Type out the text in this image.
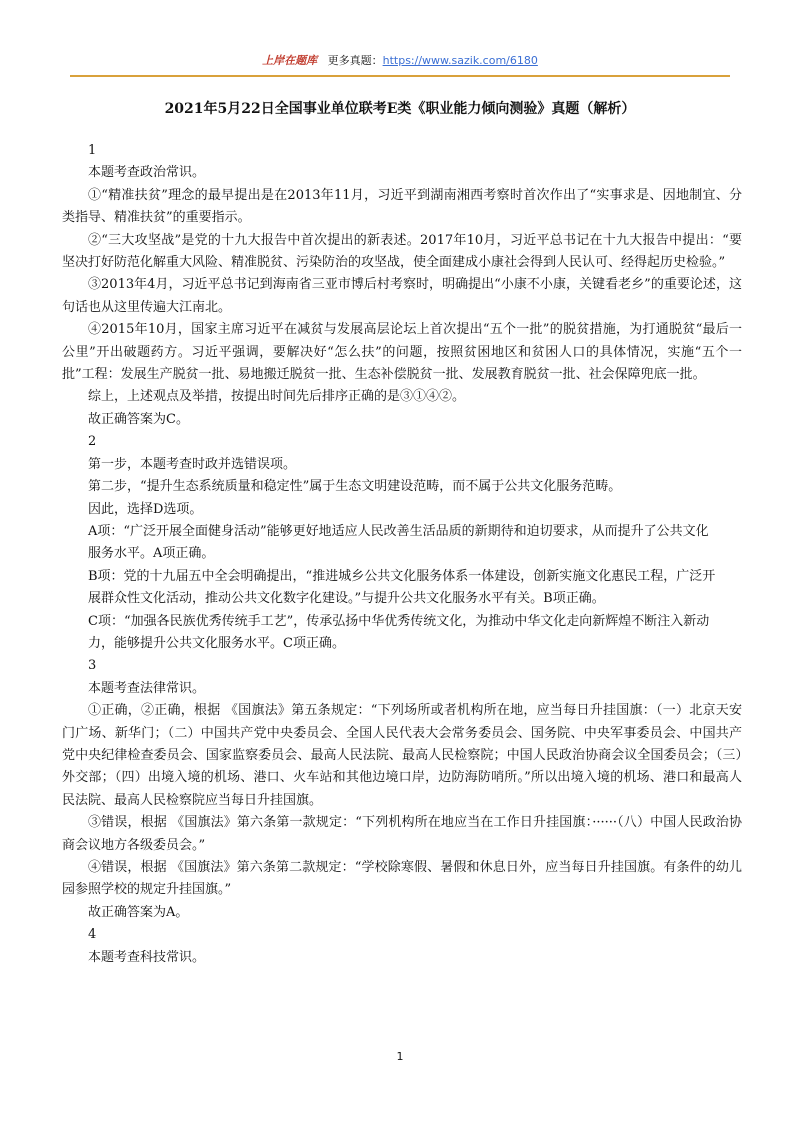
上岸在题库 更多真题：https://www.sazik.com/6180
2021年5月22日全国事业单位联考E类《职业能力倾向测验》真题（解析）

1

本题考查政治常识。

①“精准扶贫”理念的最早提出是在2013年11月，习近平到湖南湘西考察时首次作出了“实事求是、因地制宜、分类指导、精准扶贫”的重要指示。

②“三大攻坚战”是党的十九大报告中首次提出的新表述。2017年10月，习近平总书记在十九大报告中提出：“要坚决打好防范化解重大风险、精准脱贫、污染防治的攻坚战，使全面建成小康社会得到人民认可、经得起历史检验。”

③2013年4月，习近平总书记到海南省三亚市博后村考察时，明确提出“小康不小康，关键看老乡”的重要论述，这句话也从这里传遍大江南北。

④2015年10月，国家主席习近平在减贫与发展高层论坛上首次提出“五个一批”的脱贫措施，为打通脱贫“最后一公里”开出破题药方。习近平强调，要解决好“怎么扶”的问题，按照贫困地区和贫困人口的具体情况，实施“五个一批”工程：发展生产脱贫一批、易地搬迁脱贫一批、生态补偿脱贫一批、发展教育脱贫一批、社会保障兜底一批。

综上，上述观点及举措，按提出时间先后排序正确的是③①④②。

故正确答案为C。

2

第一步，本题考查时政并选错误项。

第二步，“提升生态系统质量和稳定性”属于生态文明建设范畴，而不属于公共文化服务范畴。

因此，选择D选项。

A项：“广泛开展全面健身活动”能够更好地适应人民改善生活品质的新期待和迫切要求，从而提升了公共文化

服务水平。A项正确。

B项：党的十九届五中全会明确提出，“推进城乡公共文化服务体系一体建设，创新实施文化惠民工程，广泛开

展群众性文化活动，推动公共文化数字化建设。”与提升公共文化服务水平有关。B项正确。

C项：“加强各民族优秀传统手工艺”，传承弘扬中华优秀传统文化，为推动中华文化走向新辉煌不断注入新动

力，能够提升公共文化服务水平。C项正确。

3

本题考查法律常识。

①正确，②正确，根据 《国旗法》第五条规定：“下列场所或者机构所在地，应当每日升挂国旗：（一）北京天安门广场、新华门；（二）中国共产党中央委员会、全国人民代表大会常务委员会、国务院、中央军事委员会、中国共产党中央纪律检查委员会、国家监察委员会、最高人民法院、最高人民检察院；中国人民政治协商会议全国委员会；（三）外交部；（四）出境入境的机场、港口、火车站和其他边境口岸，边防海防哨所。”所以出境入境的机场、港口和最高人民法院、最高人民检察院应当每日升挂国旗。

③错误，根据 《国旗法》第六条第一款规定：“下列机构所在地应当在工作日升挂国旗：······（八）中国人民政治协商会议地方各级委员会。”

④错误，根据 《国旗法》第六条第二款规定：“学校除寒假、暑假和休息日外，应当每日升挂国旗。有条件的幼儿园参照学校的规定升挂国旗。”

故正确答案为A。

4

本题考查科技常识。

1
